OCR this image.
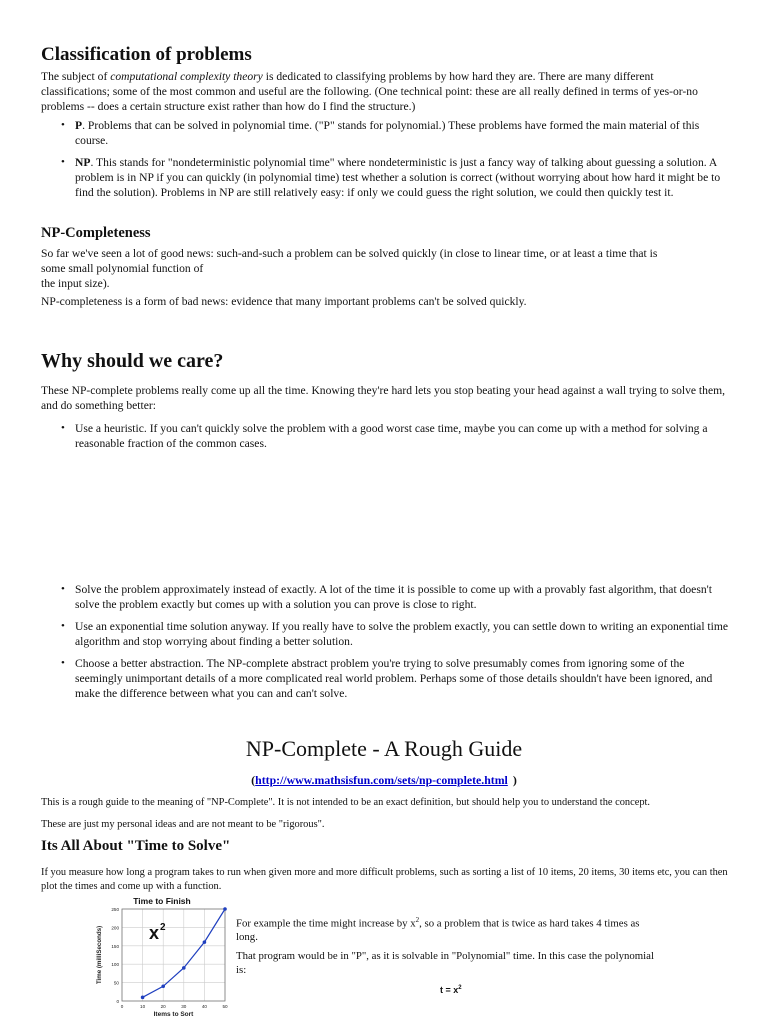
Classification of problems

The subject of computational complexity theory is dedicated to classifying problems by how hard they are. There are many different classifications; some of the most common and useful are the following. (One technical point: these are all really defined in terms of yes-or-no problems -- does a certain structure exist rather than how do I find the structure.)

• P. Problems that can be solved in polynomial time. ("P" stands for polynomial.) These problems have formed the main material of this course.
• NP. This stands for "nondeterministic polynomial time" where nondeterministic is just a fancy way of talking about guessing a solution. A problem is in NP if you can quickly (in polynomial time) test whether a solution is correct (without worrying about how hard it might be to find the solution). Problems in NP are still relatively easy: if only we could guess the right solution, we could then quickly test it.
NP-Completeness

So far we've seen a lot of good news: such-and-such a problem can be solved quickly (in close to linear time, or at least a time that is
some small polynomial function of
the input size).

NP-completeness is a form of bad news: evidence that many important problems can't be solved quickly.

Why should we care?

These NP-complete problems really come up all the time. Knowing they're hard lets you stop beating your head against a wall trying to solve them, and do something better:

• Use a heuristic. If you can't quickly solve the problem with a good worst case time, maybe you can come up with a method for solving a reasonable fraction of the common cases.
• Solve the problem approximately instead of exactly. A lot of the time it is possible to come up with a provably fast algorithm, that doesn't solve the problem exactly but comes up with a solution you can prove is close to right.
• Use an exponential time solution anyway. If you really have to solve the problem exactly, you can settle down to writing an exponential time algorithm and stop worrying about finding a better solution.
• Choose a better abstraction. The NP-complete abstract problem you're trying to solve presumably comes from ignoring some of the seemingly unimportant details of a more complicated real world problem. Perhaps some of those details shouldn't have been ignored, and make the difference between what you can and can't solve.
NP-Complete - A Rough Guide
(http://www.mathsisfun.com/sets/np-complete.html )

This is a rough guide to the meaning of "NP-Complete". It is not intended to be an exact definition, but should help you to understand the concept.

These are just my personal ideas and are not meant to be "rigorous".

Its All About "Time to Solve"

If you measure how long a program takes to run when given more and more difficult problems, such as sorting a list of 10 items, 20 items, 30 items etc, you can then plot the times and come up with a function.

Time to Finish
0
50
100
150
200
250
0	10	20	30	40	50
Items to Sort
Time (milliSeconds)	x 2	For example the time might increase by $x^2$, so a problem that is twice as hard takes 4 times as long.

That program would be in "P", as it is solvable in "Polynomial" time. In this case the polynomial is:

$t = x^2$
